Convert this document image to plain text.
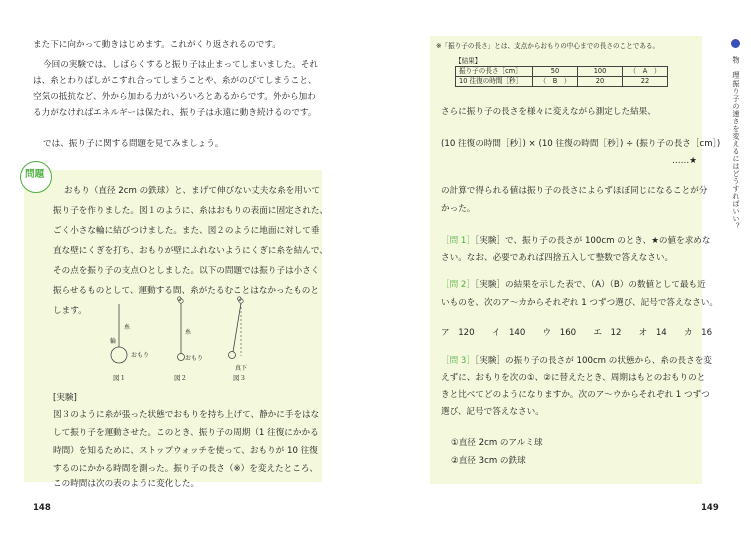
また下に向かって動きはじめます。これがくり返されるのです。
今回の実験では、しばらくすると振り子は止まってしまいました。それ
は、糸とわりばしがこすれ合ってしまうことや、糸がのびてしまうこと、
空気の抵抗など、外から加わる力がいろいろとあるからです。外から加わ
る力がなければエネルギーは保たれ、振り子は永遠に動き続けるのです。
では、振り子に関する問題を見てみましょう。
問題
おもり（直径 2cm の鉄球）と、まげて伸びない丈夫な糸を用いて
振り子を作りました。図１のように、糸はおもりの表面に固定された、
ごく小さな輪に結びつけました。また、図２のように地面に対して垂
直な壁にくぎを打ち、おもりが壁にふれないようにくぎに糸を結んで、
その点を振り子の支点Ｏとしました。以下の問題では振り子は小さく
振らせるものとして、運動する間、糸がたるむことはなかったものと
します。
糸
輪
おもり
O
糸
おもり
O
真下
図１	図２	図３
[実験]
図３のように糸が張った状態でおもりを持ち上げて、静かに手をはな
して振り子を運動させた。このとき、振り子の周期（1 往復にかかる
時間）を知るために、ストップウォッチを使って、おもりが 10 往復
するのにかかる時間を測った。振り子の長さ（※）を変えたところ、
この時間は次の表のように変化した。
148
※「振り子の長さ」とは、支点からおもりの中心までの長さのことである。
【結果】
振り子の長さ［cm］	50	100	（　A　）
10 往復の時間［秒］	（　B　）	20	22
さらに振り子の長さを様々に変えながら測定した結果、
(10 往復の時間［秒］) × (10 往復の時間［秒］) ÷ (振り子の長さ［cm］)
……★
の計算で得られる値は振り子の長さによらずほぼ同じになることが分
かった。
［問 1］［実験］で、振り子の長さが 100cm のとき、★の値を求めな
さい。なお、必要であれば四捨五入して整数で答えなさい。
［問 2］［実験］の結果を示した表で、（A）（B）の数値として最も近
いものを、次のア〜カからそれぞれ 1 つずつ選び、記号で答えなさい。
ア　120　　イ　140　　ウ　160　　エ　12　　オ　14　　カ　16
［問 3］［実験］の振り子の長さが 100cm の状態から、糸の長さを変
えずに、おもりを次の①、②に替えたとき、周期はもとのおもりのと
きと比べてどのようになりますか。次のア〜ウからそれぞれ 1 つずつ
選び、記号で答えなさい。
①直径 2cm のアルミ球
②直径 3cm の鉄球
149
物　理
振り子の速さを変えるにはどうすればいい？
